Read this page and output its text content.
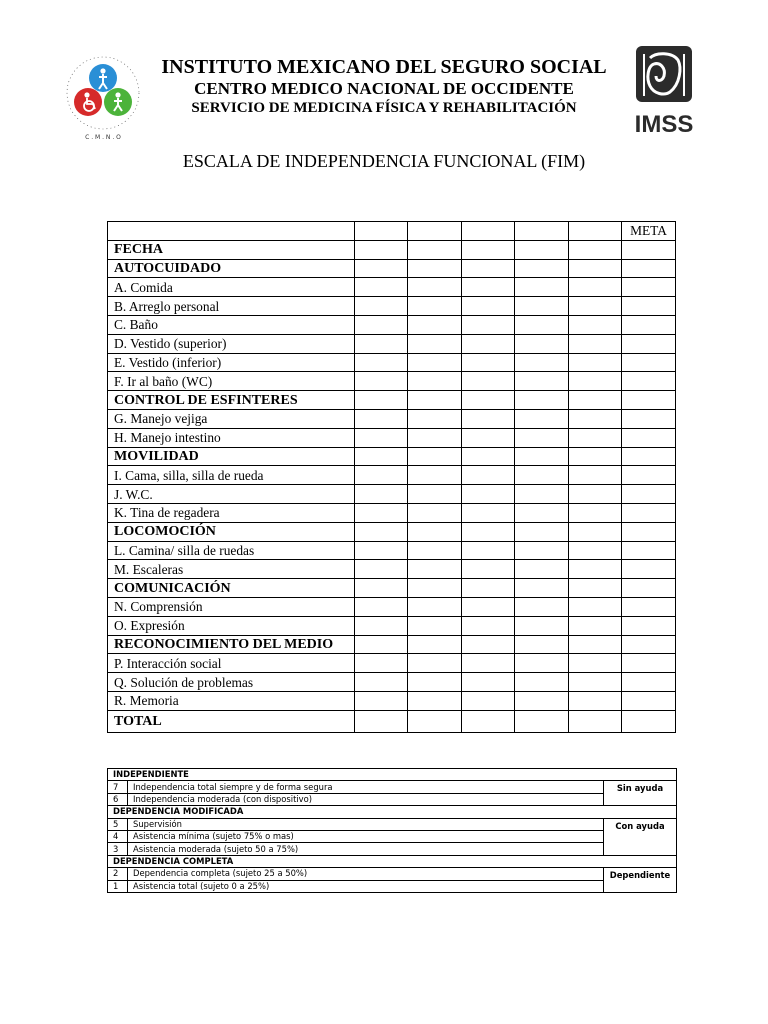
C . M . N . O
INSTITUTO MEXICANO DEL SEGURO SOCIAL
CENTRO MEDICO NACIONAL DE OCCIDENTE
SERVICIO DE MEDICINA FÍSICA Y REHABILITACIÓN
IMSS
ESCALA DE INDEPENDENCIA FUNCIONAL (FIM)
						META
FECHA						
AUTOCUIDADO						
A. Comida						
B. Arreglo personal						
C. Baño						
D. Vestido (superior)						
E. Vestido (inferior)						
F. Ir al baño (WC)						
CONTROL DE ESFINTERES						
G. Manejo vejiga						
H. Manejo intestino						
MOVILIDAD						
I. Cama, silla, silla de rueda						
J. W.C.						
K. Tina de regadera						
LOCOMOCIÓN						
L. Camina/ silla de ruedas						
M. Escaleras						
COMUNICACIÓN						
N. Comprensión						
O. Expresión						
RECONOCIMIENTO DEL MEDIO						
P. Interacción social						
Q. Solución de problemas						
R. Memoria						
TOTAL						
INDEPENDIENTE		
7	Independencia total siempre y de forma segura	Sin ayuda
6	Independencia moderada (con dispositivo)	
DEPENDENCIA MODIFICADA		
5	Supervisión	Con ayuda
4	Asistencia mínima (sujeto 75% o mas)	
3	Asistencia moderada (sujeto 50 a 75%)	
DEPENDENCIA COMPLETA		
2	Dependencia completa (sujeto 25 a 50%)	Dependiente
1	Asistencia total (sujeto 0 a 25%)	
